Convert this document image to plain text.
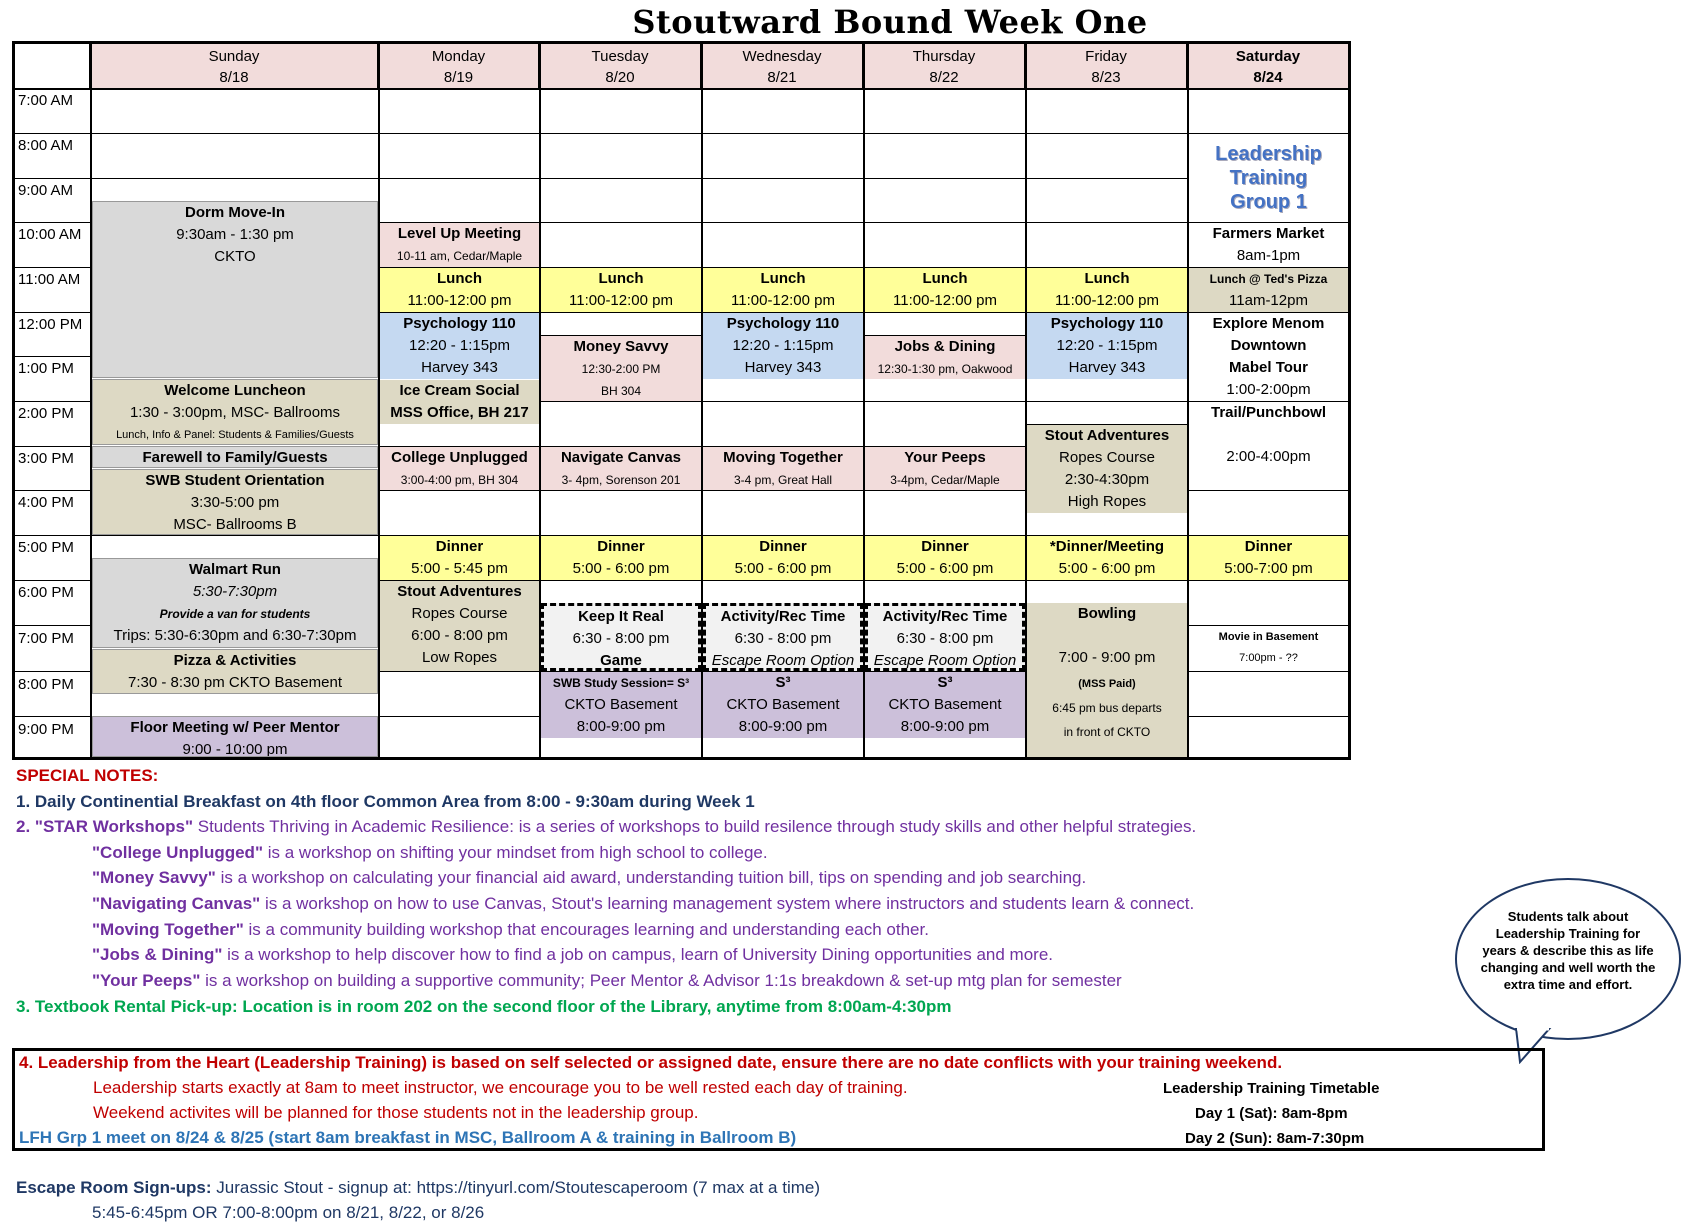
Stoutward Bound Week One
Sunday
8/18
Monday
8/19
Tuesday
8/20
Wednesday
8/21
Thursday
8/22
Friday
8/23
Saturday
8/24
7:00 AM
8:00 AM
9:00 AM
10:00 AM
11:00 AM
12:00 PM
1:00 PM
2:00 PM
3:00 PM
4:00 PM
5:00 PM
6:00 PM
7:00 PM
8:00 PM
9:00 PM
Dorm Move-In
9:30am - 1:30 pm
CKTO
Welcome Luncheon
1:30 - 3:00pm, MSC- Ballrooms
Lunch, Info & Panel: Students & Families/Guests
Farewell to Family/Guests
SWB Student Orientation
3:30-5:00 pm
MSC- Ballrooms B
Walmart Run
5:30-7:30pm
Provide a van for students
Trips: 5:30-6:30pm and 6:30-7:30pm
Pizza & Activities
7:30 - 8:30 pm CKTO Basement
Floor Meeting w/ Peer Mentor
9:00 - 10:00 pm
Level Up Meeting
10-11 am, Cedar/Maple
Lunch
11:00-12:00 pm
Psychology 110
12:20 - 1:15pm
Harvey 343
Ice Cream Social
MSS Office, BH 217
College Unplugged
3:00-4:00 pm, BH 304
Dinner
5:00 - 5:45 pm
Stout Adventures
Ropes Course
6:00 - 8:00 pm
Low Ropes
Lunch
11:00-12:00 pm
Money Savvy
12:30-2:00 PM
BH 304
Navigate Canvas
3- 4pm, Sorenson 201
Dinner
5:00 - 6:00 pm
Keep It Real
6:30 - 8:00 pm
Game
SWB Study Session= S³
CKTO Basement
8:00-9:00 pm
Lunch
11:00-12:00 pm
Psychology 110
12:20 - 1:15pm
Harvey 343
Moving Together
3-4 pm, Great Hall
Dinner
5:00 - 6:00 pm
Activity/Rec Time
6:30 - 8:00 pm
Escape Room Option
S³
CKTO Basement
8:00-9:00 pm
Lunch
11:00-12:00 pm
Jobs & Dining
12:30-1:30 pm, Oakwood
Your Peeps
3-4pm, Cedar/Maple
Dinner
5:00 - 6:00 pm
Activity/Rec Time
6:30 - 8:00 pm
Escape Room Option
S³
CKTO Basement
8:00-9:00 pm
Lunch
11:00-12:00 pm
Psychology 110
12:20 - 1:15pm
Harvey 343
Stout Adventures
Ropes Course
2:30-4:30pm
High Ropes
*Dinner/Meeting
5:00 - 6:00 pm
Bowling
7:00 - 9:00 pm
(MSS Paid)
6:45 pm bus departs
in front of CKTO
Leadership
Training
Group 1
Farmers Market
8am-1pm
Lunch @ Ted's Pizza
11am-12pm
Explore Menom
Downtown
Mabel Tour
1:00-2:00pm
Trail/Punchbowl
2:00-4:00pm
Dinner
5:00-7:00 pm
Movie in Basement
7:00pm - ??
SPECIAL NOTES:
1. Daily Continential Breakfast on 4th floor Common Area from 8:00 - 9:30am during Week 1
2. "STAR Workshops" Students Thriving in Academic Resilience: is a series of workshops to build resilence through study skills and other helpful strategies.
"College Unplugged" is a workshop on shifting your mindset from high school to college.
"Money Savvy" is a workshop on calculating your financial aid award, understanding tuition bill, tips on spending and job searching.
"Navigating Canvas" is a workshop on how to use Canvas, Stout's learning management system where instructors and students learn & connect.
"Moving Together" is a community building workshop that encourages learning and understanding each other.
"Jobs & Dining" is a workshop to help discover how to find a job on campus, learn of University Dining opportunities and more.
"Your Peeps" is a workshop on building a supportive community; Peer Mentor & Advisor 1:1s breakdown & set-up mtg plan for semester
3. Textbook Rental Pick-up: Location is in room 202 on the second floor of the Library, anytime from 8:00am-4:30pm
Students talk about Leadership Training for years & describe this as life changing and well worth the extra time and effort.
4. Leadership from the Heart (Leadership Training) is based on self selected or assigned date, ensure there are no date conflicts with your training weekend.
Leadership starts exactly at 8am to meet instructor, we encourage you to be well rested each day of training.
Weekend activites will be planned for those students not in the leadership group.
LFH Grp 1 meet on 8/24 & 8/25 (start 8am breakfast in MSC, Ballroom A & training in Ballroom B)
Leadership Training Timetable
Day 1 (Sat): 8am-8pm
Day 2 (Sun): 8am-7:30pm
Escape Room Sign-ups: Jurassic Stout - signup at: https://tinyurl.com/Stoutescaperoom (7 max at a time)
5:45-6:45pm OR 7:00-8:00pm on 8/21, 8/22, or 8/26
